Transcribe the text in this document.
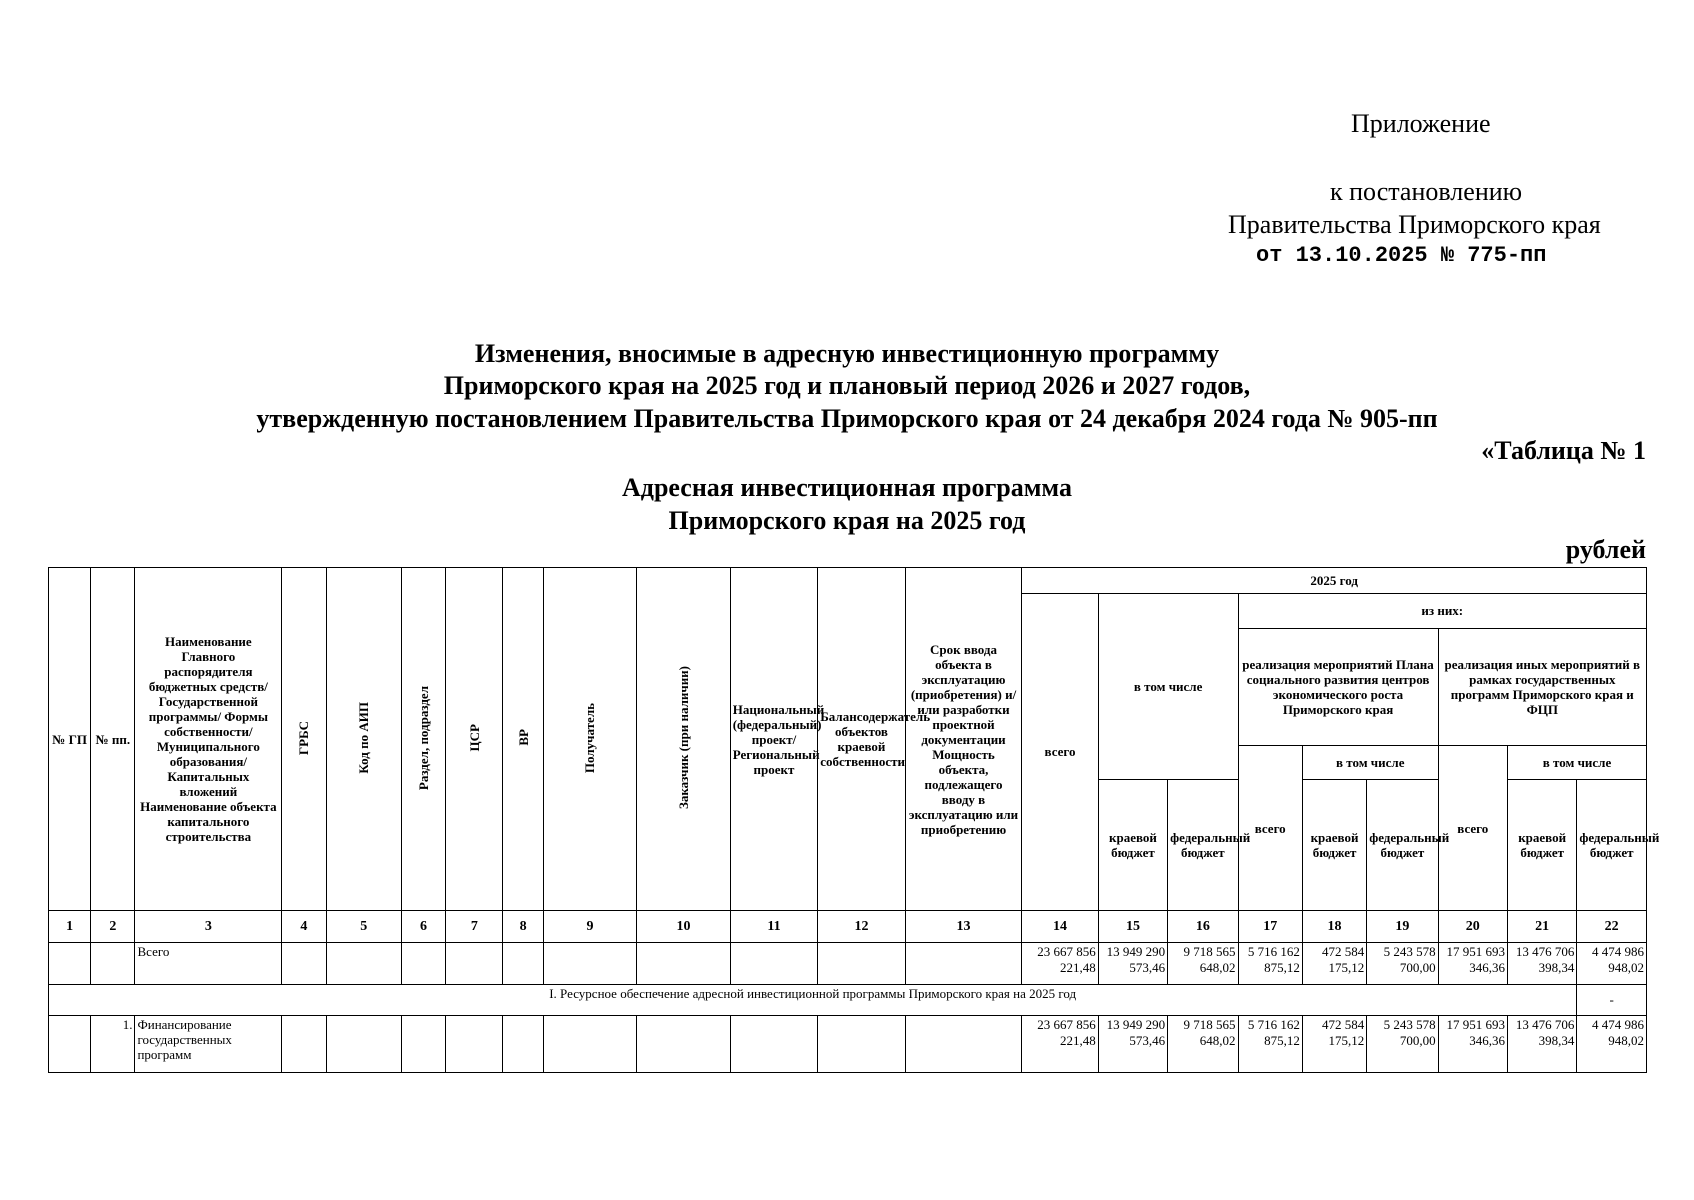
Приложение
к постановлению
Правительства Приморского края
от 13.10.2025 № 775-пп
Изменения, вносимые в адресную инвестиционную программу
Приморского края на 2025 год и плановый период 2026 и 2027 годов,
утвержденную постановлением Правительства Приморского края от 24 декабря 2024 года № 905-пп
«Таблица № 1
Адресная инвестиционная программа
Приморского края на 2025 год
рублей
№ ГП	№ пп.	Наименование Главного распорядителя бюджетных средств/Государственной программы/ Формы собственности/Муниципального образования/Капитальных вложений Наименование объекта капитального строительства	ГРБС	Код по АИП	Раздел, подраздел	ЦСР	ВР	Получатель	Заказчик (при наличии)	Национальный (федеральный) проект/ Региональный проект	Балансодержатель объектов краевой собственности	Срок ввода объекта в эксплуатацию (приобретения) и/или разработки проектной документации Мощность объекта, подлежащего вводу в эксплуатацию или приобретению	2025 год								
													всего	в том числе		из них:					
																реализация мероприятий Плана социального развития центров экономического роста Приморского края			реализация иных мероприятий в рамках государственных программ Приморского края и ФЦП		
																всего	в том числе		всего	в том числе	
														краевой бюджет	федеральный бюджет		краевой бюджет	федеральный бюджет		краевой бюджет	федеральный бюджет

1	2	3	4	5	6	7	8	9	10	11	12	13	14	15	16	17	18	19	20	21	22
		Всего											23 667 856 221,48	13 949 290 573,46	9 718 565 648,02	5 716 162 875,12	472 584 175,12	5 243 578 700,00	17 951 693 346,36	13 476 706 398,34	4 474 986 948,02
I. Ресурсное обеспечение адресной инвестиционной программы Приморского края на 2025 год																					-
	1.	Финансирование государственных программ											23 667 856 221,48	13 949 290 573,46	9 718 565 648,02	5 716 162 875,12	472 584 175,12	5 243 578 700,00	17 951 693 346,36	13 476 706 398,34	4 474 986 948,02
